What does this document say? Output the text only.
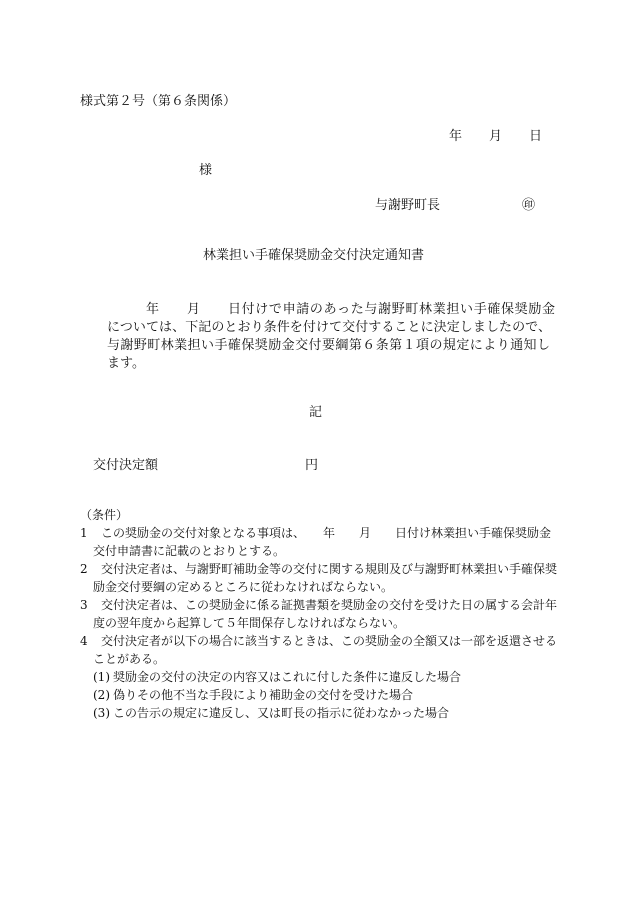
様式第２号（第６条関係）
年 月 日
様
与謝野町長	㊞
林業担い手確保奨励金交付決定通知書
年　　月　　日付けで申請のあった与謝野町林業担い手確保奨励金
については、下記のとおり条件を付けて交付することに決定しましたので、
与謝野町林業担い手確保奨励金交付要綱第６条第１項の規定により通知し
ます。
記
交付決定額	円
（条件）
1	この奨励金の交付対象となる事項は、　　年　　月　　日付け林業担い手確保奨励金
交付申請書に記載のとおりとする。
2	交付決定者は、与謝野町補助金等の交付に関する規則及び与謝野町林業担い手確保奨
励金交付要綱の定めるところに従わなければならない。
3	交付決定者は、この奨励金に係る証拠書類を奨励金の交付を受けた日の属する会計年
度の翌年度から起算して５年間保存しなければならない。
4	交付決定者が以下の場合に該当するときは、この奨励金の全額又は一部を返還させる
ことがある。
(1) 奨励金の交付の決定の内容又はこれに付した条件に違反した場合
(2) 偽りその他不当な手段により補助金の交付を受けた場合
(3) この告示の規定に違反し、又は町長の指示に従わなかった場合
